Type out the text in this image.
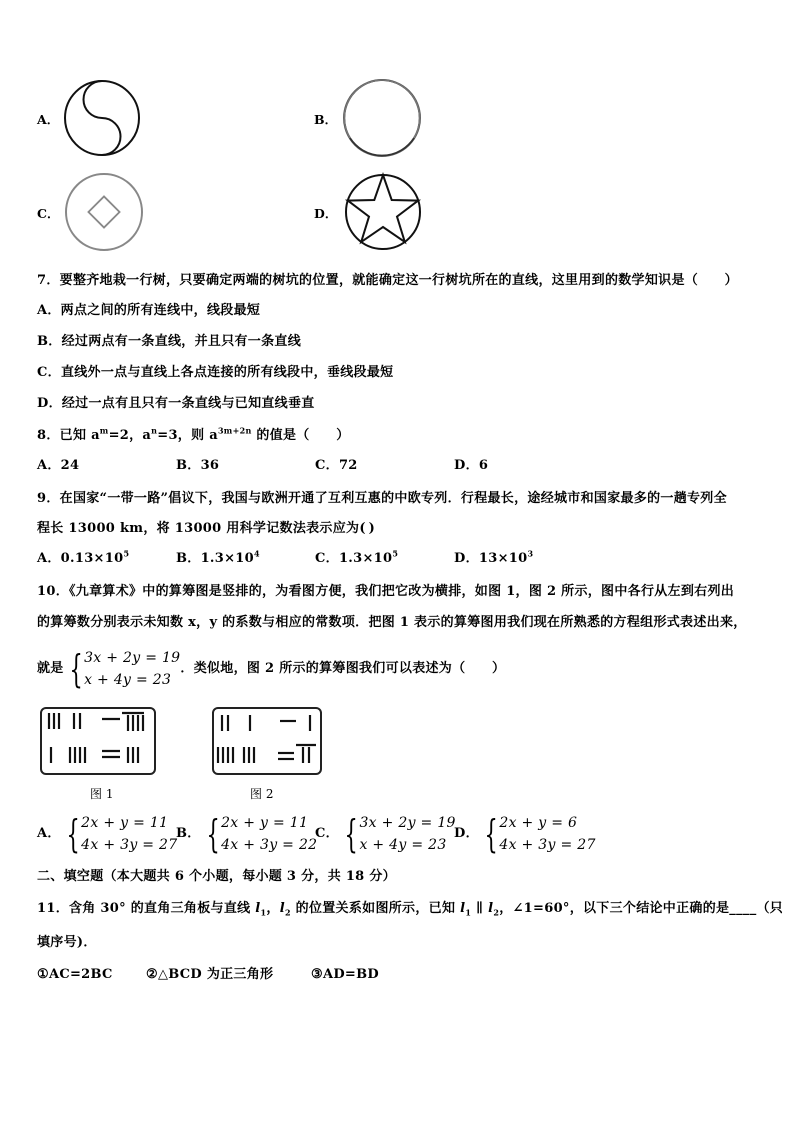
A．	B．
C．	D．
7．要整齐地栽一行树，只要确定两端的树坑的位置，就能确定这一行树坑所在的直线，这里用到的数学知识是（　　）
A．两点之间的所有连线中，线段最短
B．经过两点有一条直线，并且只有一条直线
C．直线外一点与直线上各点连接的所有线段中，垂线段最短
D．经过一点有且只有一条直线与已知直线垂直
8．已知 $a^m=2$，$a^n=3$，则 $a^{3m+2n}$ 的值是（　　）
A．24	B．36	C．72	D．6
9．在国家“一带一路”倡议下，我国与欧洲开通了互利互惠的中欧专列．行程最长，途经城市和国家最多的一趟专列全
程长 13000 km，将 13000 用科学记数法表示应为( )
A．$0.13\times 10^5$	B．$1.3\times 10^4$	C．$1.3\times 10^5$	D．$13\times 10^3$
10．《九章算术》中的算筹图是竖排的，为看图方便，我们把它改为横排，如图 1，图 2 所示，图中各行从左到右列出
的算筹数分别表示未知数 x，y 的系数与相应的常数项．把图 1 表示的算筹图用我们现在所熟悉的方程组形式表述出来，
就是 { 3x + 2y = 19
x + 4y = 23
．类似地，图 2 所示的算筹图我们可以表述为（　　）
图 1	图 2
A． { 2x + y = 11
4x + 3y = 27
B． { 2x + y = 11
4x + 3y = 22
C． { 3x + 2y = 19
x + 4y = 23
D． { 2x + y = 6
4x + 3y = 27
二、填空题（本大题共 6 个小题，每小题 3 分，共 18 分）
11．含角 30° 的直角三角板与直线 $l_1$，$l_2$ 的位置关系如图所示，已知 $l_1$ ∥ $l_2$，∠1=60°，以下三个结论中正确的是____（只
填序号)．
①AC=2BC	②△BCD 为正三角形	③AD=BD
